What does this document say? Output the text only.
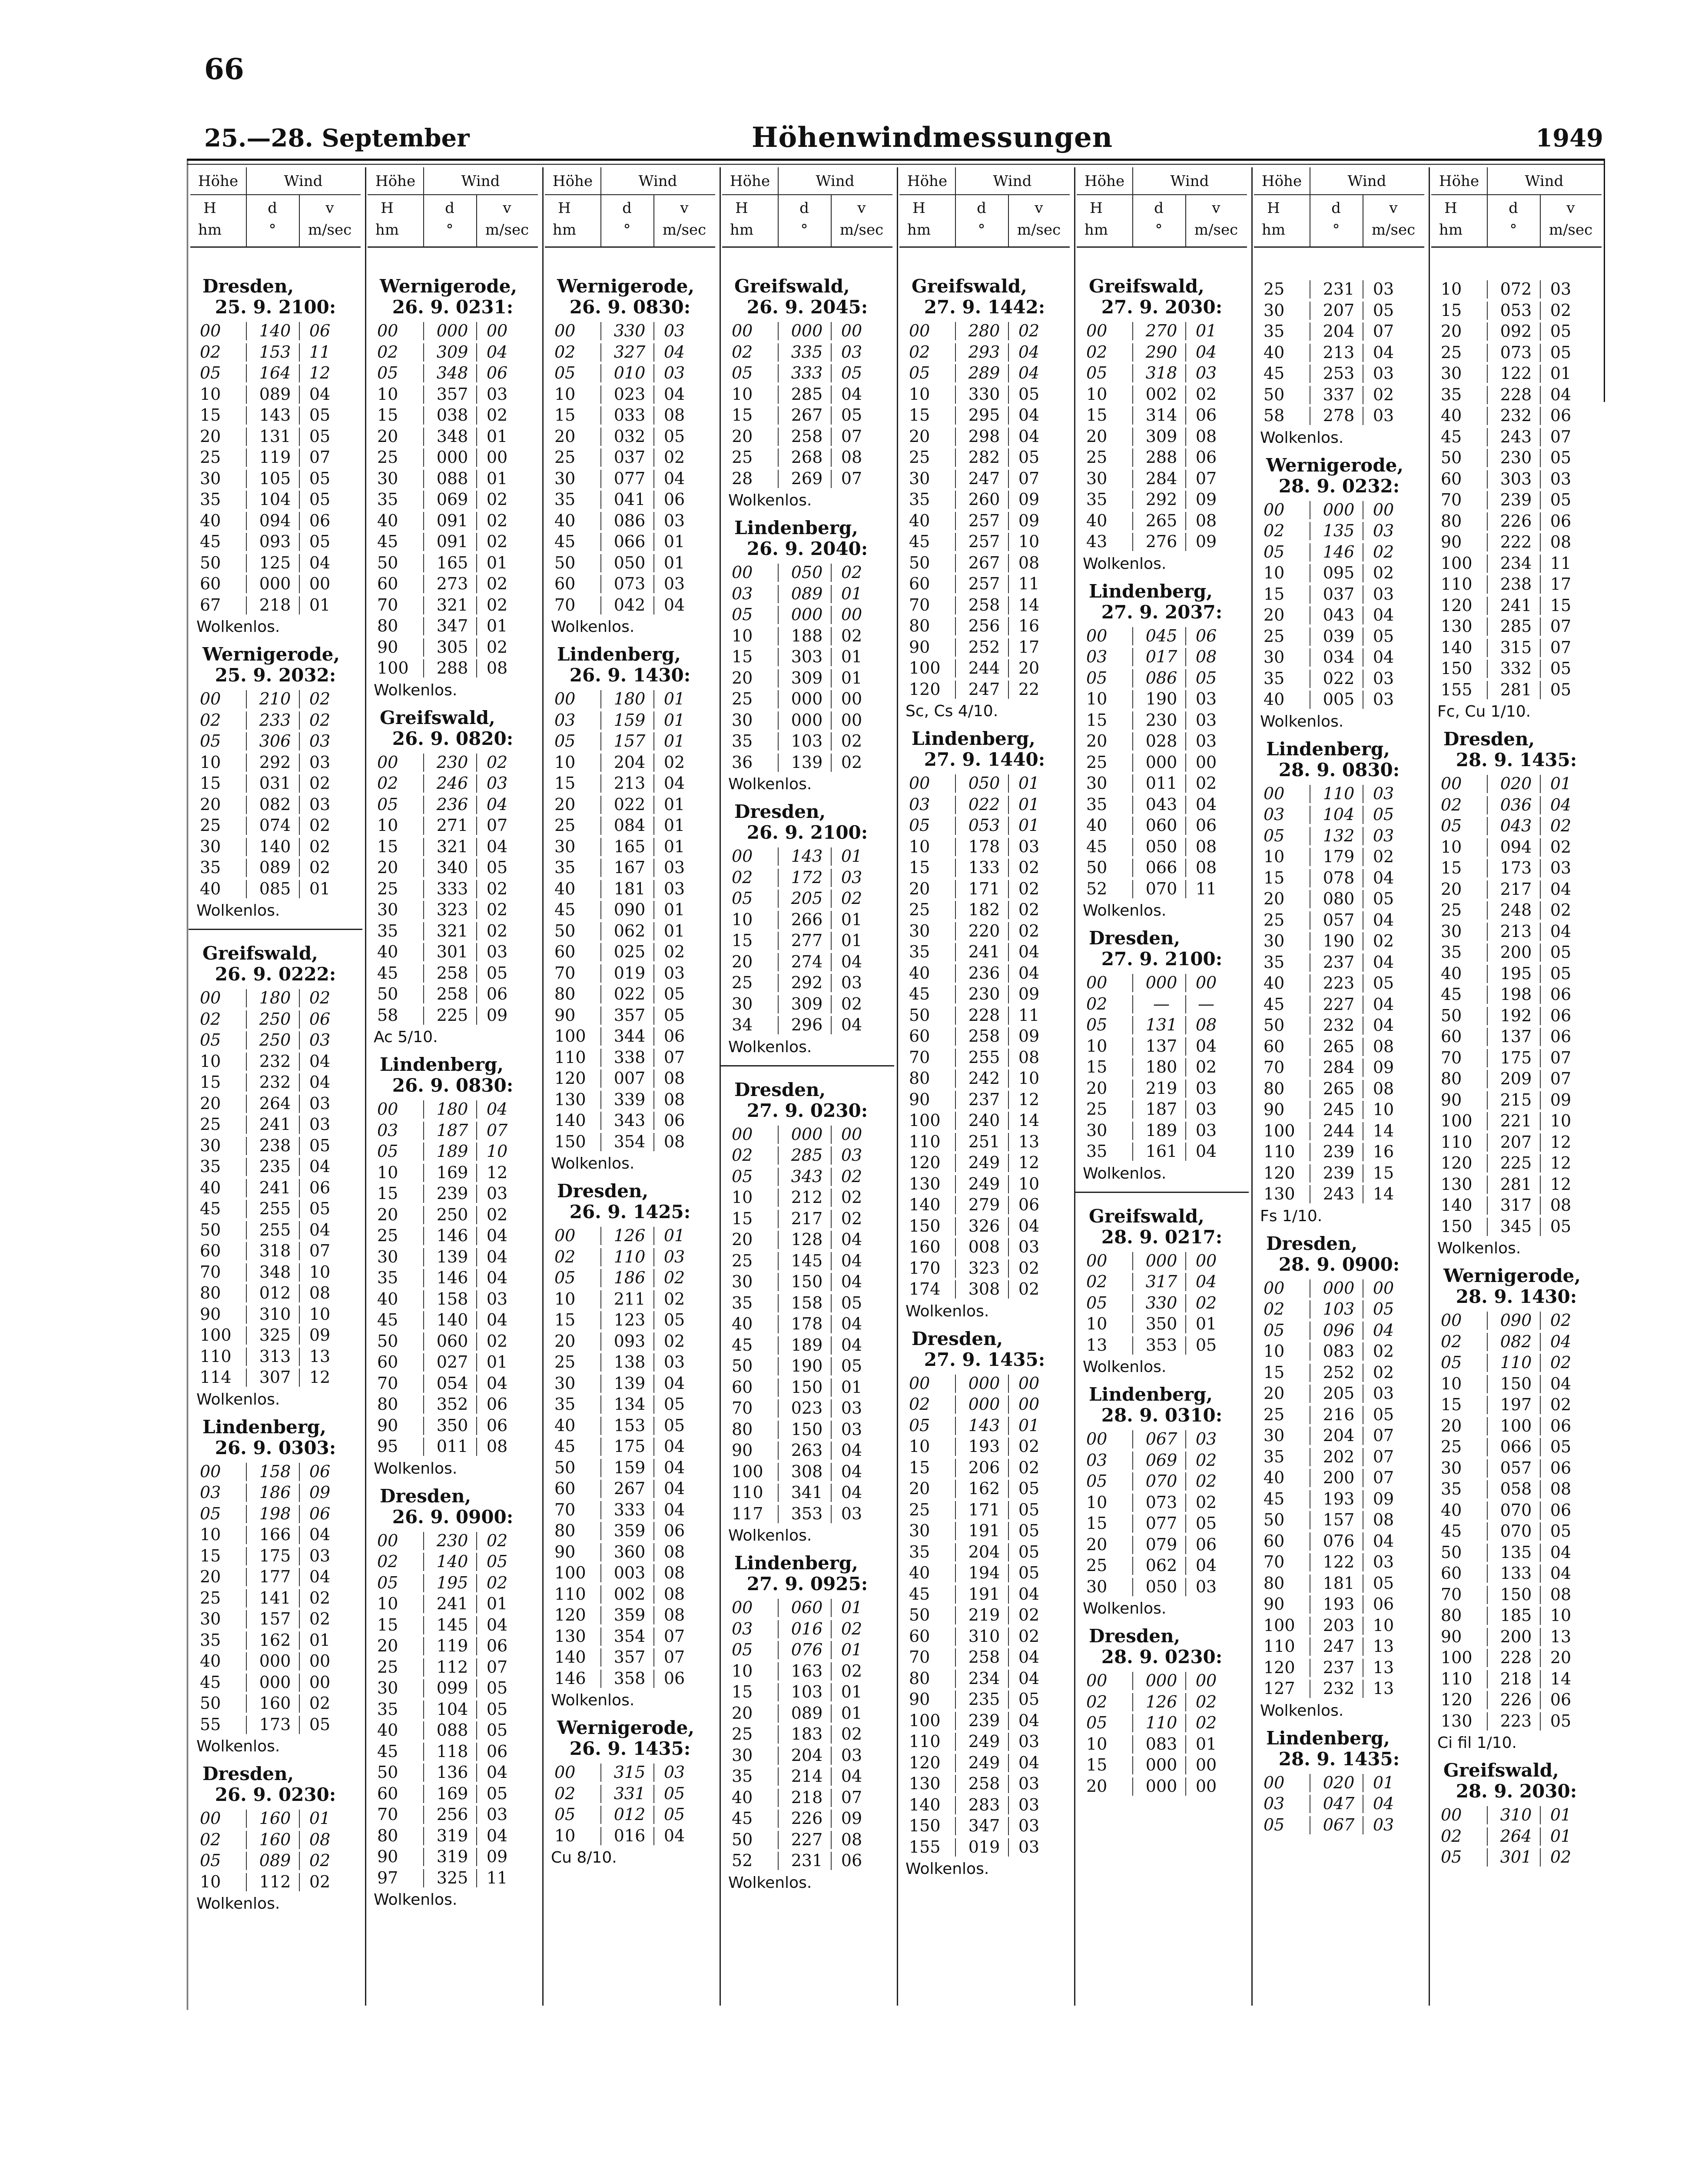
66
25.—28. September	Höhenwindmessungen	1949
Höhe	Wind
H	d	v
hm	°	m/sec
Dresden,
25. 9. 2100:
00	140 06
02	153 11
05	164 12
10	089 04
15	143 05
20	131 05
25	119 07
30	105 05
35	104 05
40	094 06
45	093 05
50	125 04
60	000 00
67	218 01
Wolkenlos.
Wernigerode,
25. 9. 2032:
00	210 02
02	233 02
05	306 03
10	292 03
15	031 02
20	082 03
25	074 02
30	140 02
35	089 02
40	085 01
Wolkenlos.
Greifswald,
26. 9. 0222:
00	180 02
02	250 06
05	250 03
10	232 04
15	232 04
20	264 03
25	241 03
30	238 05
35	235 04
40	241 06
45	255 05
50	255 04
60	318 07
70	348 10
80	012 08
90	310 10
100 325 09
110 313 13
114 307 12
Wolkenlos.
Lindenberg,
26. 9. 0303:
00	158 06
03	186 09
05	198 06
10	166 04
15	175 03
20	177 04
25	141 02
30	157 02
35	162 01
40	000 00
45	000 00
50	160 02
55	173 05
Wolkenlos.
Dresden,
26. 9. 0230:
00	160 01
02	160 08
05	089 02
10	112 02
Wolkenlos.
Höhe	Wind
H	d	v
hm	°	m/sec
Wernigerode,
26. 9. 0231:
00	000 00
02	309 04
05	348 06
10	357 03
15	038 02
20	348 01
25	000 00
30	088 01
35	069 02
40	091 02
45	091 02
50	165 01
60	273 02
70	321 02
80	347 01
90	305 02
100 288 08
Wolkenlos.
Greifswald,
26. 9. 0820:
00	230 02
02	246 03
05	236 04
10	271 07
15	321 04
20	340 05
25	333 02
30	323 02
35	321 02
40	301 03
45	258 05
50	258 06
58	225 09
Ac 5/10.
Lindenberg,
26. 9. 0830:
00	180 04
03	187 07
05	189 10
10	169 12
15	239 03
20	250 02
25	146 04
30	139 04
35	146 04
40	158 03
45	140 04
50	060 02
60	027 01
70	054 04
80	352 06
90	350 06
95	011 08
Wolkenlos.
Dresden,
26. 9. 0900:
00	230 02
02	140 05
05	195 02
10	241 01
15	145 04
20	119 06
25	112 07
30	099 05
35	104 05
40	088 05
45	118 06
50	136 04
60	169 05
70	256 03
80	319 04
90	319 09
97	325 11
Wolkenlos.
Höhe	Wind
H	d	v
hm	°	m/sec
Wernigerode,
26. 9. 0830:
00	330 03
02	327 04
05	010 03
10	023 04
15	033 08
20	032 05
25	037 02
30	077 04
35	041 06
40	086 03
45	066 01
50	050 01
60	073 03
70	042 04
Wolkenlos.
Lindenberg,
26. 9. 1430:
00	180 01
03	159 01
05	157 01
10	204 02
15	213 04
20	022 01
25	084 01
30	165 01
35	167 03
40	181 03
45	090 01
50	062 01
60	025 02
70	019 03
80	022 05
90	357 05
100 344 06
110 338 07
120 007 08
130 339 08
140 343 06
150 354 08
Wolkenlos.
Dresden,
26. 9. 1425:
00	126 01
02	110 03
05	186 02
10	211 02
15	123 05
20	093 02
25	138 03
30	139 04
35	134 05
40	153 05
45	175 04
50	159 04
60	267 04
70	333 04
80	359 06
90	360 08
100 003 08
110 002 08
120 359 08
130 354 07
140 357 07
146 358 06
Wolkenlos.
Wernigerode,
26. 9. 1435:
00	315 03
02	331 05
05	012 05
10	016 04
Cu 8/10.
Höhe	Wind
H	d	v
hm	°	m/sec
Greifswald,
26. 9. 2045:
00	000 00
02	335 03
05	333 05
10	285 04
15	267 05
20	258 07
25	268 08
28	269 07
Wolkenlos.
Lindenberg,
26. 9. 2040:
00	050 02
03	089 01
05	000 00
10	188 02
15	303 01
20	309 01
25	000 00
30	000 00
35	103 02
36	139 02
Wolkenlos.
Dresden,
26. 9. 2100:
00	143 01
02	172 03
05	205 02
10	266 01
15	277 01
20	274 04
25	292 03
30	309 02
34	296 04
Wolkenlos.
Dresden,
27. 9. 0230:
00	000 00
02	285 03
05	343 02
10	212 02
15	217 02
20	128 04
25	145 04
30	150 04
35	158 05
40	178 04
45	189 04
50	190 05
60	150 01
70	023 03
80	150 03
90	263 04
100 308 04
110 341 04
117 353 03
Wolkenlos.
Lindenberg,
27. 9. 0925:
00	060 01
03	016 02
05	076 01
10	163 02
15	103 01
20	089 01
25	183 02
30	204 03
35	214 04
40	218 07
45	226 09
50	227 08
52	231 06
Wolkenlos.
Höhe	Wind
H	d	v
hm	°	m/sec
Greifswald,
27. 9. 1442:
00	280 02
02	293 04
05	289 04
10	330 05
15	295 04
20	298 04
25	282 05
30	247 07
35	260 09
40	257 09
45	257 10
50	267 08
60	257 11
70	258 14
80	256 16
90	252 17
100 244 20
120 247 22
Sc, Cs 4/10.
Lindenberg,
27. 9. 1440:
00	050 01
03	022 01
05	053 01
10	178 03
15	133 02
20	171 02
25	182 02
30	220 02
35	241 04
40	236 04
45	230 09
50	228 11
60	258 09
70	255 08
80	242 10
90	237 12
100 240 14
110 251 13
120 249 12
130 249 10
140 279 06
150 326 04
160 008 03
170 323 02
174 308 02
Wolkenlos.
Dresden,
27. 9. 1435:
00	000 00
02	000 00
05	143 01
10	193 02
15	206 02
20	162 05
25	171 05
30	191 05
35	204 05
40	194 05
45	191 04
50	219 02
60	310 02
70	258 04
80	234 04
90	235 05
100 239 04
110 249 03
120 249 04
130 258 03
140 283 03
150 347 03
155 019 03
Wolkenlos.
Höhe	Wind
H	d	v
hm	°	m/sec
Greifswald,
27. 9. 2030:
00	270 01
02	290 04
05	318 03
10	002 02
15	314 06
20	309 08
25	288 06
30	284 07
35	292 09
40	265 08
43	276 09
Wolkenlos.
Lindenberg,
27. 9. 2037:
00	045 06
03	017 08
05	086 05
10	190 03
15	230 03
20	028 03
25	000 00
30	011 02
35	043 04
40	060 06
45	050 08
50	066 08
52	070 11
Wolkenlos.
Dresden,
27. 9. 2100:
00	000 00
02	—	—
05	131 08
10	137 04
15	180 02
20	219 03
25	187 03
30	189 03
35	161 04
Wolkenlos.
Greifswald,
28. 9. 0217:
00	000 00
02	317 04
05	330 02
10	350 01
13	353 05
Wolkenlos.
Lindenberg,
28. 9. 0310:
00	067 03
03	069 02
05	070 02
10	073 02
15	077 05
20	079 06
25	062 04
30	050 03
Wolkenlos.
Dresden,
28. 9. 0230:
00	000 00
02	126 02
05	110 02
10	083 01
15	000 00
20	000 00
Höhe	Wind
H	d	v
hm	°	m/sec
25	231 03
30	207 05
35	204 07
40	213 04
45	253 03
50	337 02
58	278 03
Wolkenlos.
Wernigerode,
28. 9. 0232:
00	000 00
02	135 03
05	146 02
10	095 02
15	037 03
20	043 04
25	039 05
30	034 04
35	022 03
40	005 03
Wolkenlos.
Lindenberg,
28. 9. 0830:
00	110 03
03	104 05
05	132 03
10	179 02
15	078 04
20	080 05
25	057 04
30	190 02
35	237 04
40	223 05
45	227 04
50	232 04
60	265 08
70	284 09
80	265 08
90	245 10
100 244 14
110 239 16
120 239 15
130 243 14
Fs 1/10.
Dresden,
28. 9. 0900:
00	000 00
02	103 05
05	096 04
10	083 02
15	252 02
20	205 03
25	216 05
30	204 07
35	202 07
40	200 07
45	193 09
50	157 08
60	076 04
70	122 03
80	181 05
90	193 06
100 203 10
110 247 13
120 237 13
127 232 13
Wolkenlos.
Lindenberg,
28. 9. 1435:
00	020 01
03	047 04
05	067 03
Höhe	Wind
H	d	v
hm	°	m/sec
10	072 03
15	053 02
20	092 05
25	073 05
30	122 01
35	228 04
40	232 06
45	243 07
50	230 05
60	303 03
70	239 05
80	226 06
90	222 08
100 234 11
110 238 17
120 241 15
130 285 07
140 315 07
150 332 05
155 281 05
Fc, Cu 1/10.
Dresden,
28. 9. 1435:
00	020 01
02	036 04
05	043 02
10	094 02
15	173 03
20	217 04
25	248 02
30	213 04
35	200 05
40	195 05
45	198 06
50	192 06
60	137 06
70	175 07
80	209 07
90	215 09
100 221 10
110 207 12
120 225 12
130 281 12
140 317 08
150 345 05
Wolkenlos.
Wernigerode,
28. 9. 1430:
00	090 02
02	082 04
05	110 02
10	150 04
15	197 02
20	100 06
25	066 05
30	057 06
35	058 08
40	070 06
45	070 05
50	135 04
60	133 04
70	150 08
80	185 10
90	200 13
100 228 20
110 218 14
120 226 06
130 223 05
Ci fil 1/10.
Greifswald,
28. 9. 2030:
00	310 01
02	264 01
05	301 02
